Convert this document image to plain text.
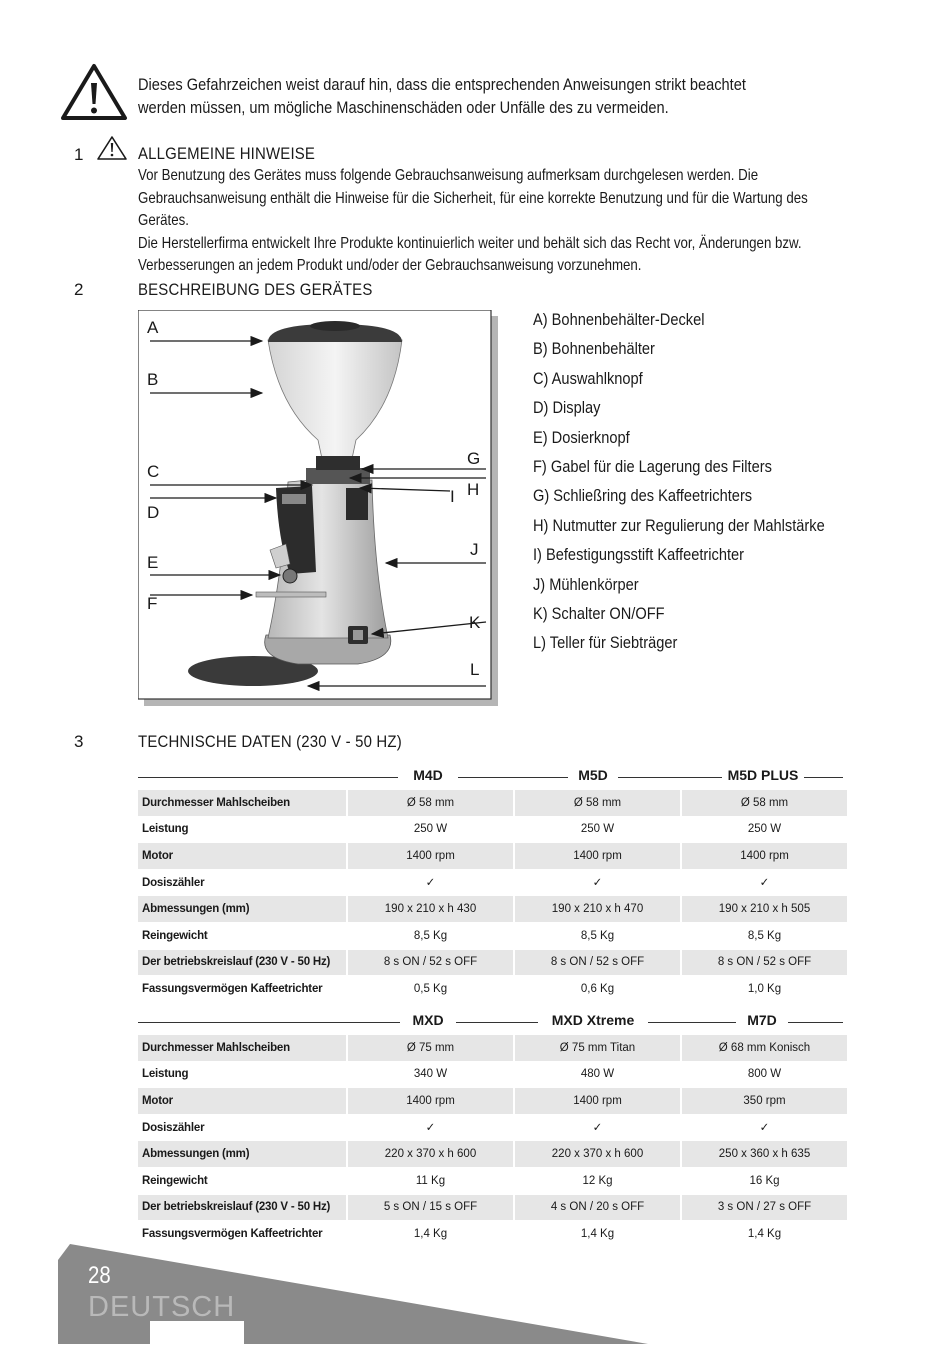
Dieses Gefahrzeichen weist darauf hin, dass die entsprechenden Anweisungen strikt beachtet werden müssen, um mögliche Maschinenschäden oder Unfälle des zu vermeiden.
1	ALLGEMEINE HINWEISE

Vor Benutzung des Gerätes muss folgende Gebrauchsanweisung aufmerksam durchgelesen werden. Die Gebrauchsanweisung enthält die Hinweise für die Sicherheit, für eine korrekte Benutzung und für die Wartung des Gerätes.

Die Herstellerfirma entwickelt Ihre Produkte kontinuierlich weiter und behält sich das Recht vor, Änderungen bzw. Verbesserungen an jedem Produkt und/oder der Gebrauchsanweisung vorzunehmen.

2	BESCHREIBUNG DES GERÄTES
A
B
C
D
E
F
G
H
I
J
K
L
A) Bohnenbehälter-Deckel
B) Bohnenbehälter
C) Auswahlknopf
D) Display
E) Dosierknopf
F) Gabel für die Lagerung des Filters
G) Schließring des Kaffeetrichters
H) Nutmutter zur Regulierung der Mahlstärke
I) Befestigungsstift Kaffeetrichter
J) Mühlenkörper
K) Schalter ON/OFF
L) Teller für Siebträger
3	TECHNISCHE DATEN (230 V - 50 HZ)
M4D	M5D	M5D PLUS
Durchmesser Mahlscheiben	Ø 58 mm	Ø 58 mm	Ø 58 mm
Leistung	250 W	250 W	250 W
Motor	1400 rpm	1400 rpm	1400 rpm
Dosiszähler	✓	✓	✓
Abmessungen (mm)	190 x 210 x h 430	190 x 210 x h 470	190 x 210 x h 505
Reingewicht	8,5 Kg	8,5 Kg	8,5 Kg
Der betriebskreislauf (230 V - 50 Hz)	8 s ON / 52 s OFF	8 s ON / 52 s OFF	8 s ON / 52 s OFF
Fassungsvermögen Kaffeetrichter	0,5 Kg	0,6 Kg	1,0 Kg
MXD	MXD Xtreme	M7D
Durchmesser Mahlscheiben	Ø 75 mm	Ø 75 mm Titan	Ø 68 mm Konisch
Leistung	340 W	480 W	800 W
Motor	1400 rpm	1400 rpm	350 rpm
Dosiszähler	✓	✓	✓
Abmessungen (mm)	220 x 370 x h 600	220 x 370 x h 600	250 x 360 x h 635
Reingewicht	11 Kg	12 Kg	16 Kg
Der betriebskreislauf (230 V - 50 Hz)	5 s ON / 15 s OFF	4 s ON / 20 s OFF	3 s ON / 27 s OFF
Fassungsvermögen Kaffeetrichter	1,4 Kg	1,4 Kg	1,4 Kg
28
DEUTSCH
